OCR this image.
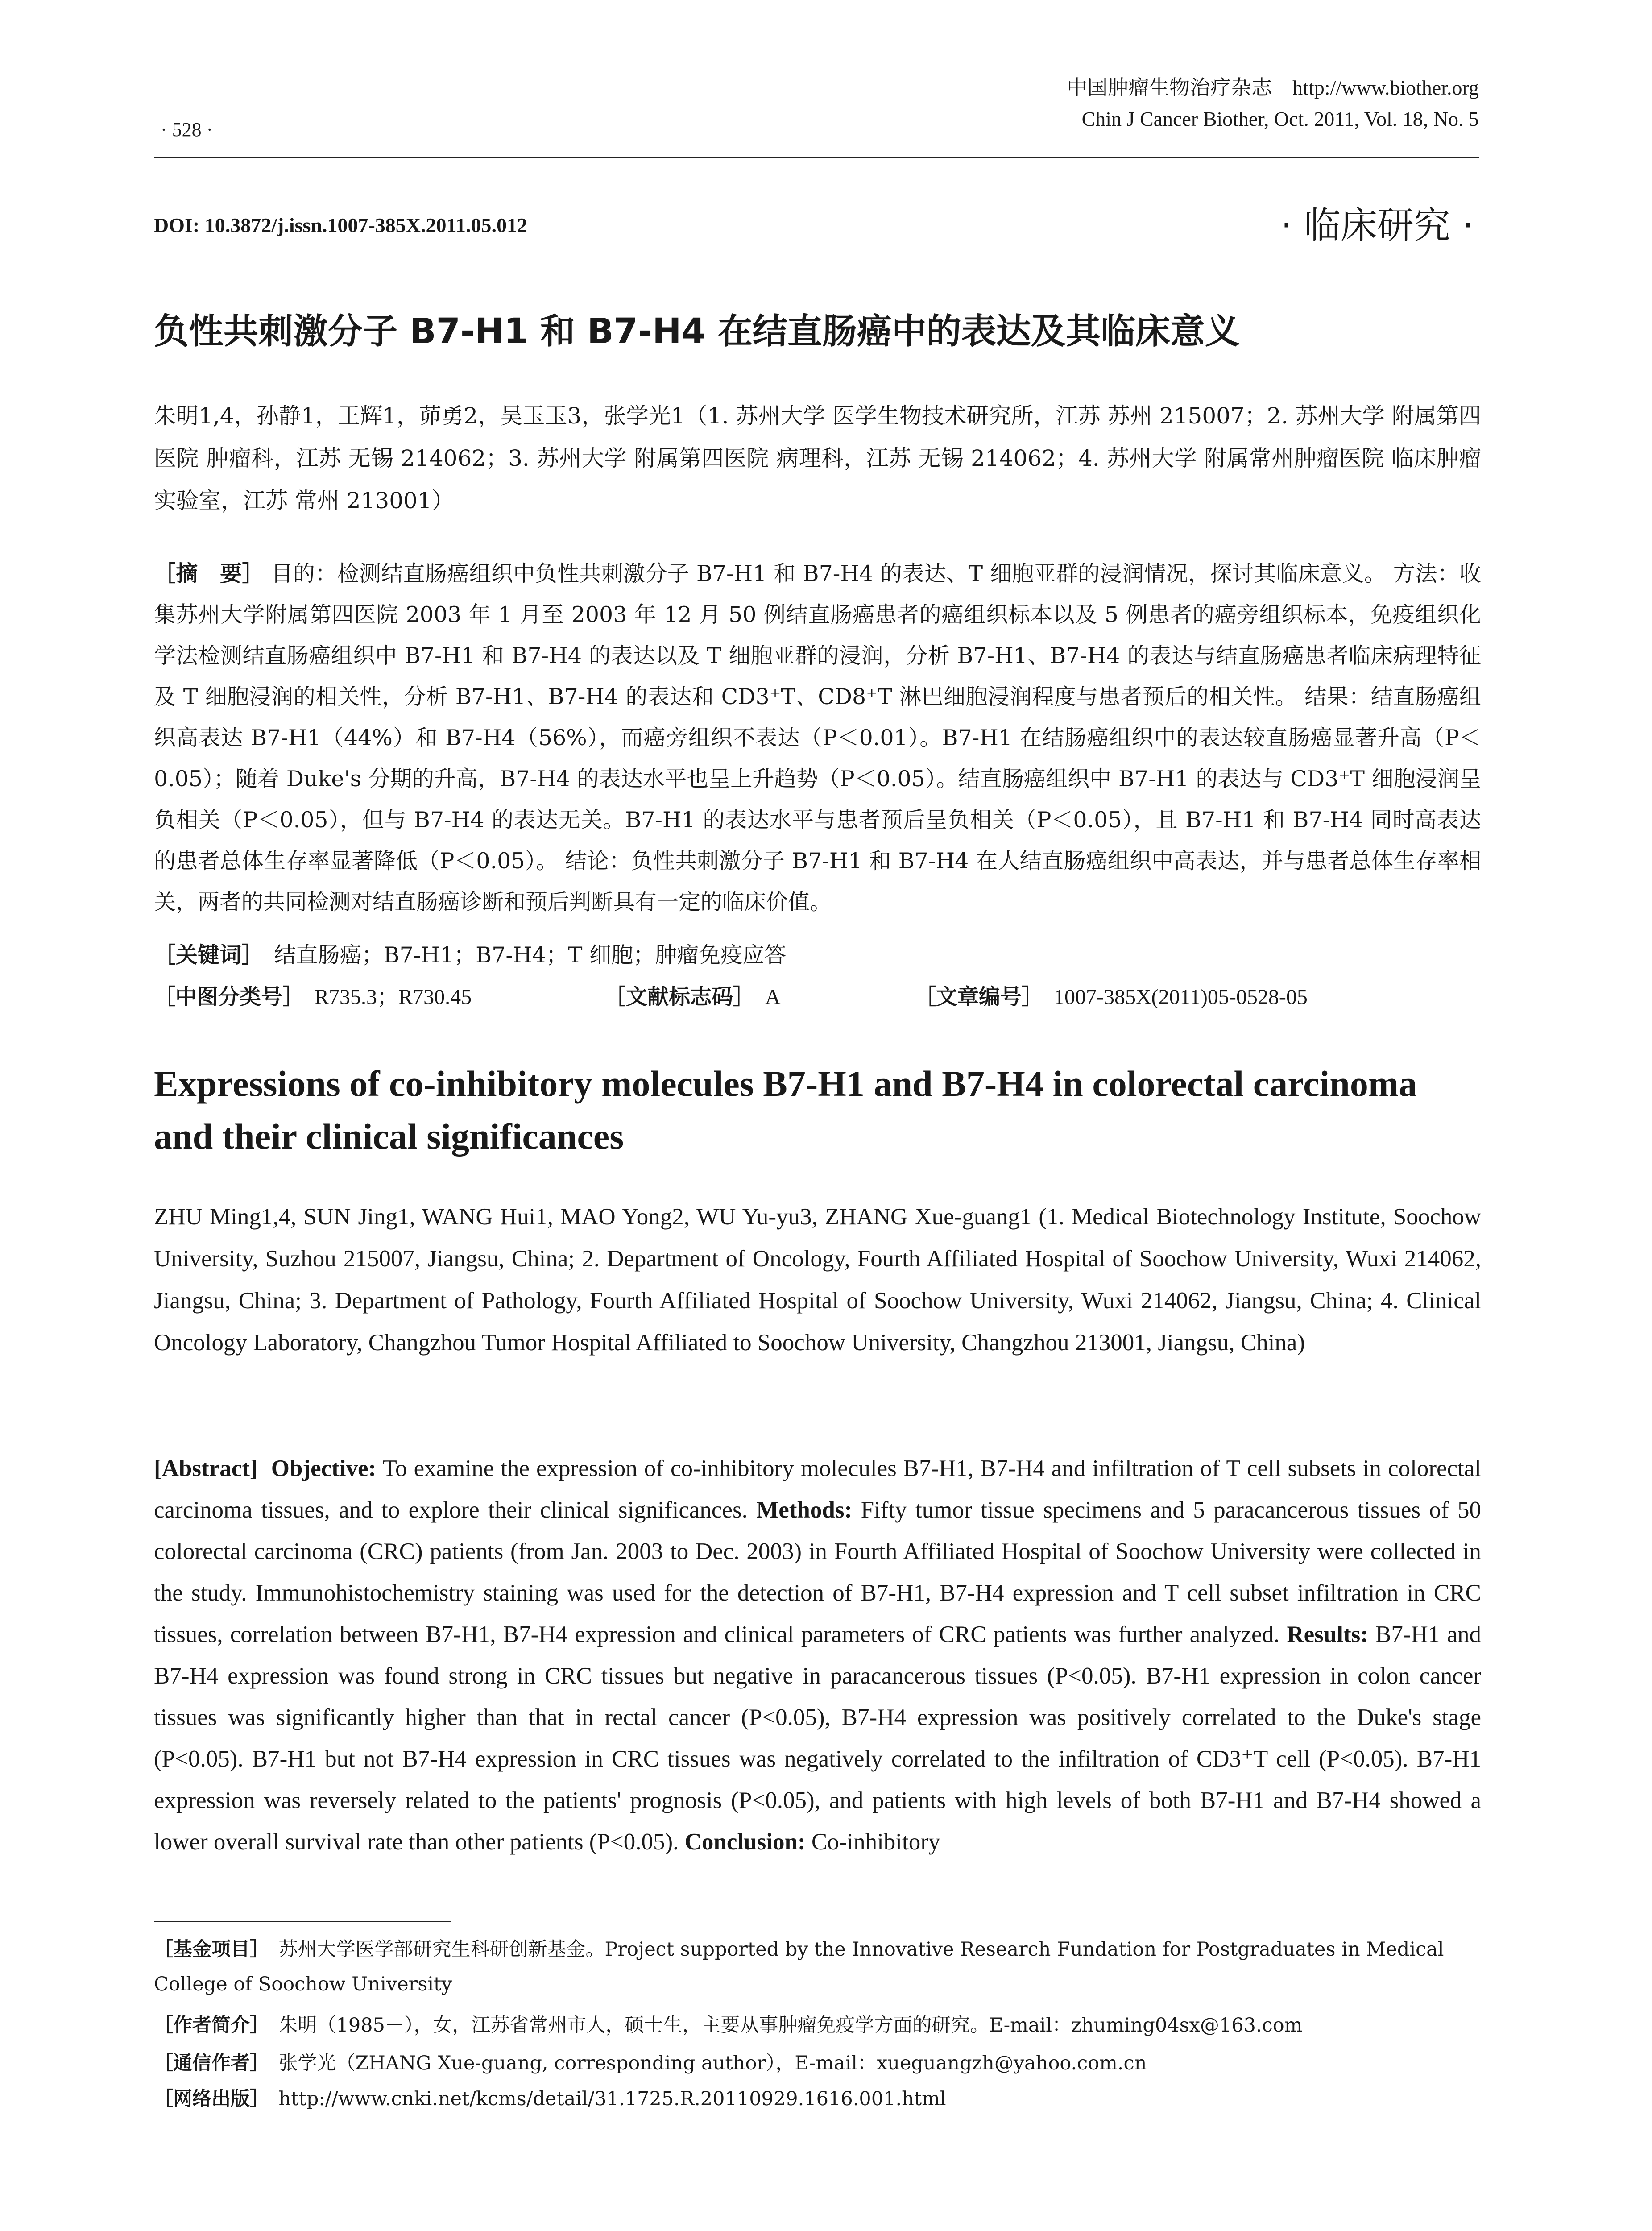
· 528 ·
中国肿瘤生物治疗杂志　http://www.biother.org
Chin J Cancer Biother, Oct. 2011, Vol. 18, No. 5
DOI: 10.3872/j.issn.1007-385X.2011.05.012	· 临床研究 ·
负性共刺激分子 B7-H1 和 B7-H4 在结直肠癌中的表达及其临床意义
朱明1,4，孙静1，王辉1，茆勇2，吴玉玉3，张学光1（1. 苏州大学 医学生物技术研究所，江苏 苏州 215007；2. 苏州大学 附属第四医院 肿瘤科，江苏 无锡 214062；3. 苏州大学 附属第四医院 病理科，江苏 无锡 214062；4. 苏州大学 附属常州肿瘤医院 临床肿瘤实验室，江苏 常州 213001）
［摘　要］ 目的：检测结直肠癌组织中负性共刺激分子 B7-H1 和 B7-H4 的表达、T 细胞亚群的浸润情况，探讨其临床意义。 方法：收集苏州大学附属第四医院 2003 年 1 月至 2003 年 12 月 50 例结直肠癌患者的癌组织标本以及 5 例患者的癌旁组织标本，免疫组织化学法检测结直肠癌组织中 B7-H1 和 B7-H4 的表达以及 T 细胞亚群的浸润，分析 B7-H1、B7-H4 的表达与结直肠癌患者临床病理特征及 T 细胞浸润的相关性，分析 B7-H1、B7-H4 的表达和 CD3⁺T、CD8⁺T 淋巴细胞浸润程度与患者预后的相关性。 结果：结直肠癌组织高表达 B7-H1（44%）和 B7-H4（56%），而癌旁组织不表达（P＜0.01）。B7-H1 在结肠癌组织中的表达较直肠癌显著升高（P＜0.05）；随着 Duke's 分期的升高，B7-H4 的表达水平也呈上升趋势（P＜0.05）。结直肠癌组织中 B7-H1 的表达与 CD3⁺T 细胞浸润呈负相关（P＜0.05），但与 B7-H4 的表达无关。B7-H1 的表达水平与患者预后呈负相关（P＜0.05），且 B7-H1 和 B7-H4 同时高表达的患者总体生存率显著降低（P＜0.05）。 结论：负性共刺激分子 B7-H1 和 B7-H4 在人结直肠癌组织中高表达，并与患者总体生存率相关，两者的共同检测对结直肠癌诊断和预后判断具有一定的临床价值。
［关键词］　 结直肠癌；B7-H1；B7-H4；T 细胞；肿瘤免疫应答
［中图分类号］　 R735.3；R730.45	［文献标志码］　 A	［文章编号］　 1007-385X(2011)05-0528-05
Expressions of co-inhibitory molecules B7-H1 and B7-H4 in colorectal carcinoma and their clinical significances
ZHU Ming1,4, SUN Jing1, WANG Hui1, MAO Yong2, WU Yu-yu3, ZHANG Xue-guang1 (1. Medical Biotechnology Institute, Soochow University, Suzhou 215007, Jiangsu, China; 2. Department of Oncology, Fourth Affiliated Hospital of Soochow University, Wuxi 214062, Jiangsu, China; 3. Department of Pathology, Fourth Affiliated Hospital of Soochow University, Wuxi 214062, Jiangsu, China; 4. Clinical Oncology Laboratory, Changzhou Tumor Hospital Affiliated to Soochow University, Changzhou 213001, Jiangsu, China)
[Abstract] Objective: To examine the expression of co-inhibitory molecules B7-H1, B7-H4 and infiltration of T cell subsets in colorectal carcinoma tissues, and to explore their clinical significances. Methods: Fifty tumor tissue specimens and 5 paracancerous tissues of 50 colorectal carcinoma (CRC) patients (from Jan. 2003 to Dec. 2003) in Fourth Affiliated Hospital of Soochow University were collected in the study. Immunohistochemistry staining was used for the detection of B7-H1, B7-H4 expression and T cell subset infiltration in CRC tissues, correlation between B7-H1, B7-H4 expression and clinical parameters of CRC patients was further analyzed. Results: B7-H1 and B7-H4 expression was found strong in CRC tissues but negative in paracancerous tissues (P<0.05). B7-H1 expression in colon cancer tissues was significantly higher than that in rectal cancer (P<0.05), B7-H4 expression was positively correlated to the Duke's stage (P<0.05). B7-H1 but not B7-H4 expression in CRC tissues was negatively correlated to the infiltration of CD3⁺T cell (P<0.05). B7-H1 expression was reversely related to the patients' prognosis (P<0.05), and patients with high levels of both B7-H1 and B7-H4 showed a lower overall survival rate than other patients (P<0.05). Conclusion: Co-inhibitory
［基金项目］　 苏州大学医学部研究生科研创新基金。Project supported by the Innovative Research Fundation for Postgraduates in Medical College of Soochow University
［作者简介］　 朱明（1985－），女，江苏省常州市人，硕士生，主要从事肿瘤免疫学方面的研究。E-mail：zhuming04sx@163.com
［通信作者］　 张学光（ZHANG Xue-guang, corresponding author），E-mail：xueguangzh@yahoo.com.cn
［网络出版］　 http://www.cnki.net/kcms/detail/31.1725.R.20110929.1616.001.html
